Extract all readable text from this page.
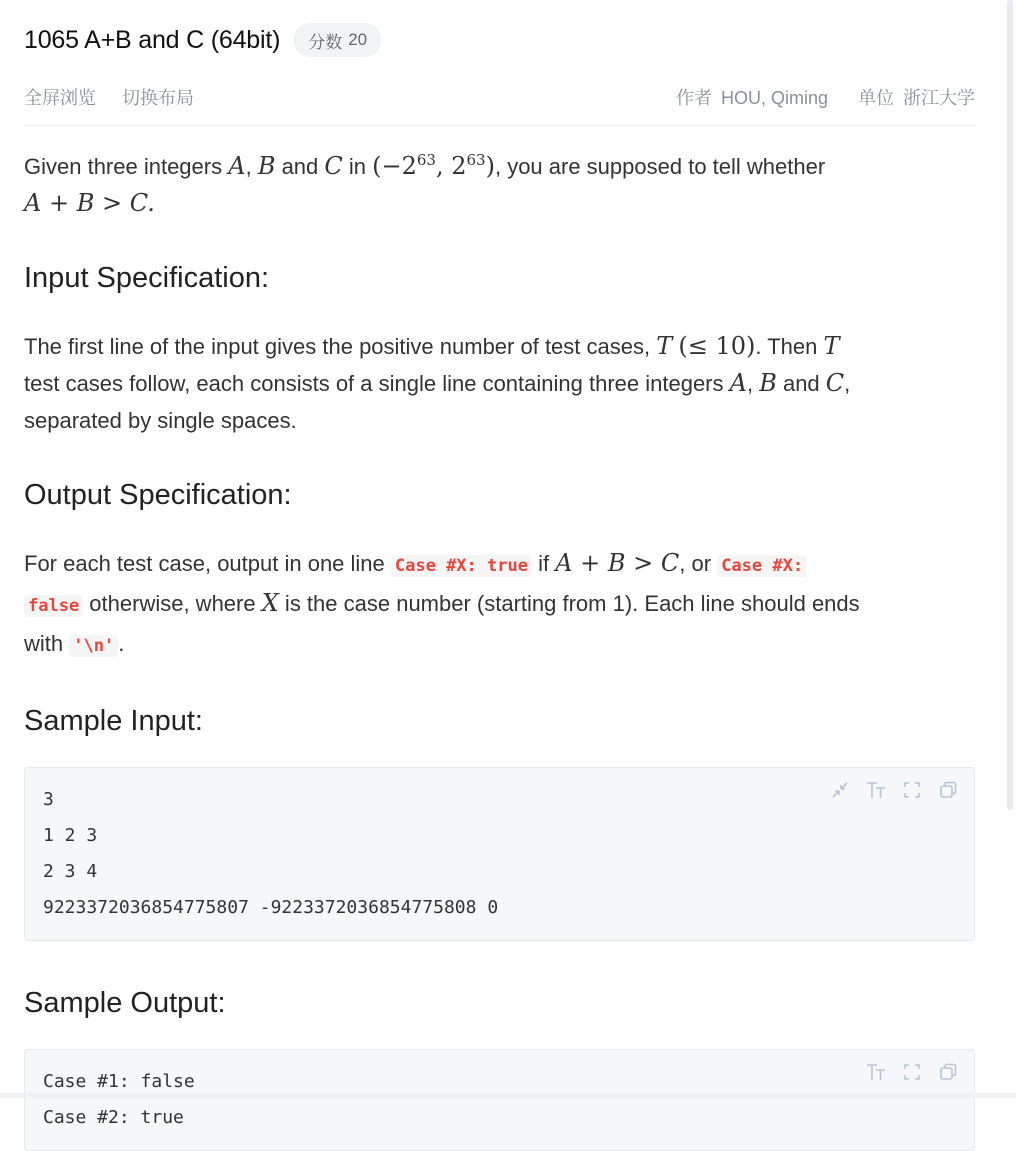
1065 A+B and C (64bit) 分数 20
全屏浏览 切换布局	作者 HOU, Qiming 单位 浙江大学
Given three integers A, B and C in ($-2^{63}$, $2^{63}$), you are supposed to tell whether
A + B > C.
Input Specification:
The first line of the input gives the positive number of test cases, T (≤ 10). Then T
test cases follow, each consists of a single line containing three integers A, B and C,
separated by single spaces.
Output Specification:
For each test case, output in one line Case #X: true if A + B > C, or Case #X:
false otherwise, where X is the case number (starting from 1). Each line should ends
with '\n' .
Sample Input:
3
1 2 3
2 3 4
9223372036854775807 -9223372036854775808 0
Sample Output:
Case #1: false
Case #2: true
